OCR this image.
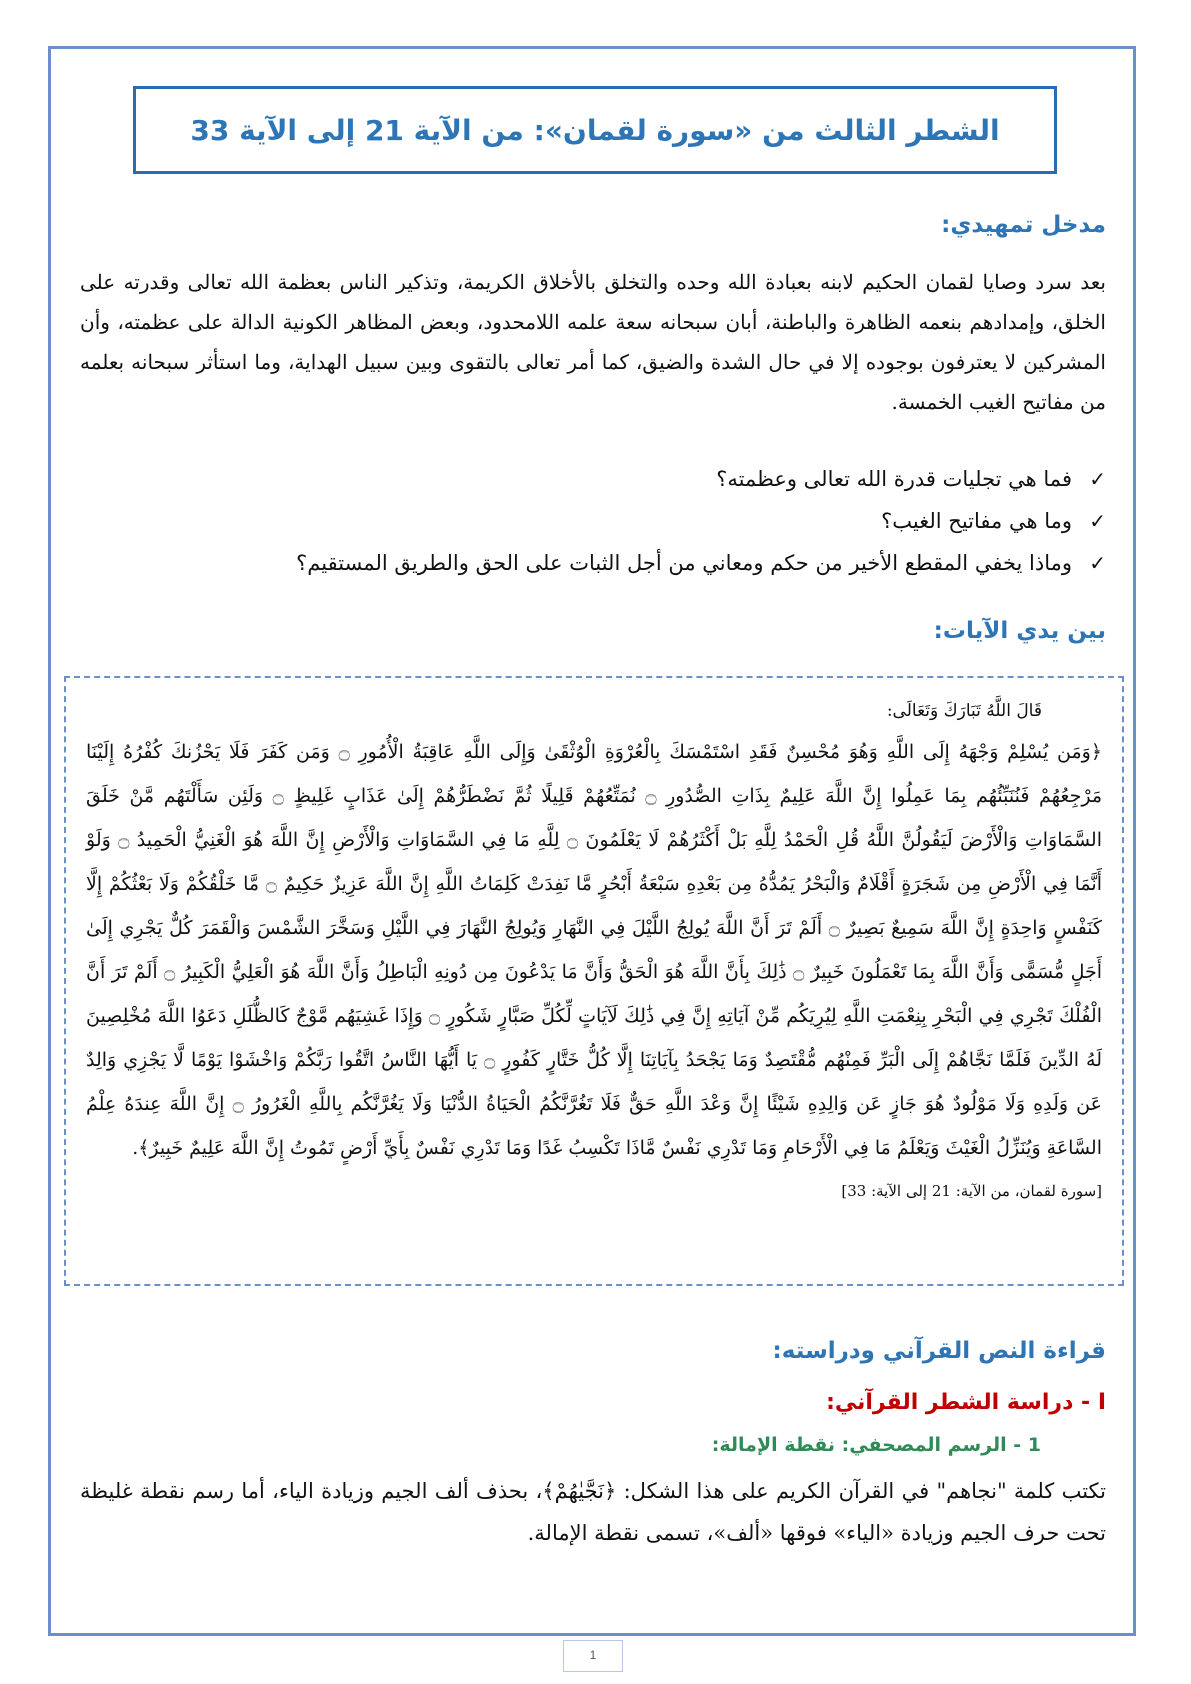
الشطر الثالث من «سورة لقمان»: من الآية 21 إلى الآية 33
مدخل تمهيدي:

بعد سرد وصايا لقمان الحكيم لابنه بعبادة الله وحده والتخلق بالأخلاق الكريمة، وتذكير الناس بعظمة الله تعالى وقدرته على الخلق، وإمدادهم بنعمه الظاهرة والباطنة، أبان سبحانه سعة علمه اللامحدود، وبعض المظاهر الكونية الدالة على عظمته، وأن المشركين لا يعترفون بوجوده إلا في حال الشدة والضيق، كما أمر تعالى بالتقوى وبين سبيل الهداية، وما استأثر سبحانه بعلمه من مفاتيح الغيب الخمسة.

✓
فما هي تجليات قدرة الله تعالى وعظمته؟
✓
وما هي مفاتيح الغيب؟
✓
وماذا يخفي المقطع الأخير من حكم ومعاني من أجل الثبات على الحق والطريق المستقيم؟
بين يدي الآيات:

قَالَ اللَّهُ تَبَارَكَ وَتَعَالَى:

﴿وَمَن يُسْلِمْ وَجْهَهُ إِلَى اللَّهِ وَهُوَ مُحْسِنٌ فَقَدِ اسْتَمْسَكَ بِالْعُرْوَةِ الْوُثْقَىٰ وَإِلَى اللَّهِ عَاقِبَةُ الْأُمُورِ ۝ وَمَن كَفَرَ فَلَا يَحْزُنكَ كُفْرُهُ إِلَيْنَا مَرْجِعُهُمْ فَنُنَبِّئُهُم بِمَا عَمِلُوا إِنَّ اللَّهَ عَلِيمٌ بِذَاتِ الصُّدُورِ ۝ نُمَتِّعُهُمْ قَلِيلًا ثُمَّ نَضْطَرُّهُمْ إِلَىٰ عَذَابٍ غَلِيظٍ ۝ وَلَئِن سَأَلْتَهُم مَّنْ خَلَقَ السَّمَاوَاتِ وَالْأَرْضَ لَيَقُولُنَّ اللَّهُ قُلِ الْحَمْدُ لِلَّهِ بَلْ أَكْثَرُهُمْ لَا يَعْلَمُونَ ۝ لِلَّهِ مَا فِي السَّمَاوَاتِ وَالْأَرْضِ إِنَّ اللَّهَ هُوَ الْغَنِيُّ الْحَمِيدُ ۝ وَلَوْ أَنَّمَا فِي الْأَرْضِ مِن شَجَرَةٍ أَقْلَامٌ وَالْبَحْرُ يَمُدُّهُ مِن بَعْدِهِ سَبْعَةُ أَبْحُرٍ مَّا نَفِدَتْ كَلِمَاتُ اللَّهِ إِنَّ اللَّهَ عَزِيزٌ حَكِيمٌ ۝ مَّا خَلْقُكُمْ وَلَا بَعْثُكُمْ إِلَّا كَنَفْسٍ وَاحِدَةٍ إِنَّ اللَّهَ سَمِيعٌ بَصِيرٌ ۝ أَلَمْ تَرَ أَنَّ اللَّهَ يُولِجُ اللَّيْلَ فِي النَّهَارِ وَيُولِجُ النَّهَارَ فِي اللَّيْلِ وَسَخَّرَ الشَّمْسَ وَالْقَمَرَ كُلٌّ يَجْرِي إِلَىٰ أَجَلٍ مُّسَمًّى وَأَنَّ اللَّهَ بِمَا تَعْمَلُونَ خَبِيرٌ ۝ ذَٰلِكَ بِأَنَّ اللَّهَ هُوَ الْحَقُّ وَأَنَّ مَا يَدْعُونَ مِن دُونِهِ الْبَاطِلُ وَأَنَّ اللَّهَ هُوَ الْعَلِيُّ الْكَبِيرُ ۝ أَلَمْ تَرَ أَنَّ الْفُلْكَ تَجْرِي فِي الْبَحْرِ بِنِعْمَتِ اللَّهِ لِيُرِيَكُم مِّنْ آيَاتِهِ إِنَّ فِي ذَٰلِكَ لَآيَاتٍ لِّكُلِّ صَبَّارٍ شَكُورٍ ۝ وَإِذَا غَشِيَهُم مَّوْجٌ كَالظُّلَلِ دَعَوُا اللَّهَ مُخْلِصِينَ لَهُ الدِّينَ فَلَمَّا نَجَّاهُمْ إِلَى الْبَرِّ فَمِنْهُم مُّقْتَصِدٌ وَمَا يَجْحَدُ بِآيَاتِنَا إِلَّا كُلُّ خَتَّارٍ كَفُورٍ ۝ يَا أَيُّهَا النَّاسُ اتَّقُوا رَبَّكُمْ وَاخْشَوْا يَوْمًا لَّا يَجْزِي وَالِدٌ عَن وَلَدِهِ وَلَا مَوْلُودٌ هُوَ جَازٍ عَن وَالِدِهِ شَيْئًا إِنَّ وَعْدَ اللَّهِ حَقٌّ فَلَا تَغُرَّنَّكُمُ الْحَيَاةُ الدُّنْيَا وَلَا يَغُرَّنَّكُم بِاللَّهِ الْغَرُورُ ۝ إِنَّ اللَّهَ عِندَهُ عِلْمُ السَّاعَةِ وَيُنَزِّلُ الْغَيْثَ وَيَعْلَمُ مَا فِي الْأَرْحَامِ وَمَا تَدْرِي نَفْسٌ مَّاذَا تَكْسِبُ غَدًا وَمَا تَدْرِي نَفْسٌ بِأَيِّ أَرْضٍ تَمُوتُ إِنَّ اللَّهَ عَلِيمٌ خَبِيرٌ﴾.

[سورة لقمان، من الآية: 21 إلى الآية: 33]

قراءة النص القرآني ودراسته:
I - دراسة الشطر القرآني:
1 - الرسم المصحفي: نقطة الإمالة:

تكتب كلمة "نجاهم" في القرآن الكريم على هذا الشكل: ﴿نَجَّيٰهُمْ﴾، بحذف ألف الجيم وزيادة الياء، أما رسم نقطة غليظة تحت حرف الجيم وزيادة «الياء» فوقها «ألف»، تسمى نقطة الإمالة.

1
